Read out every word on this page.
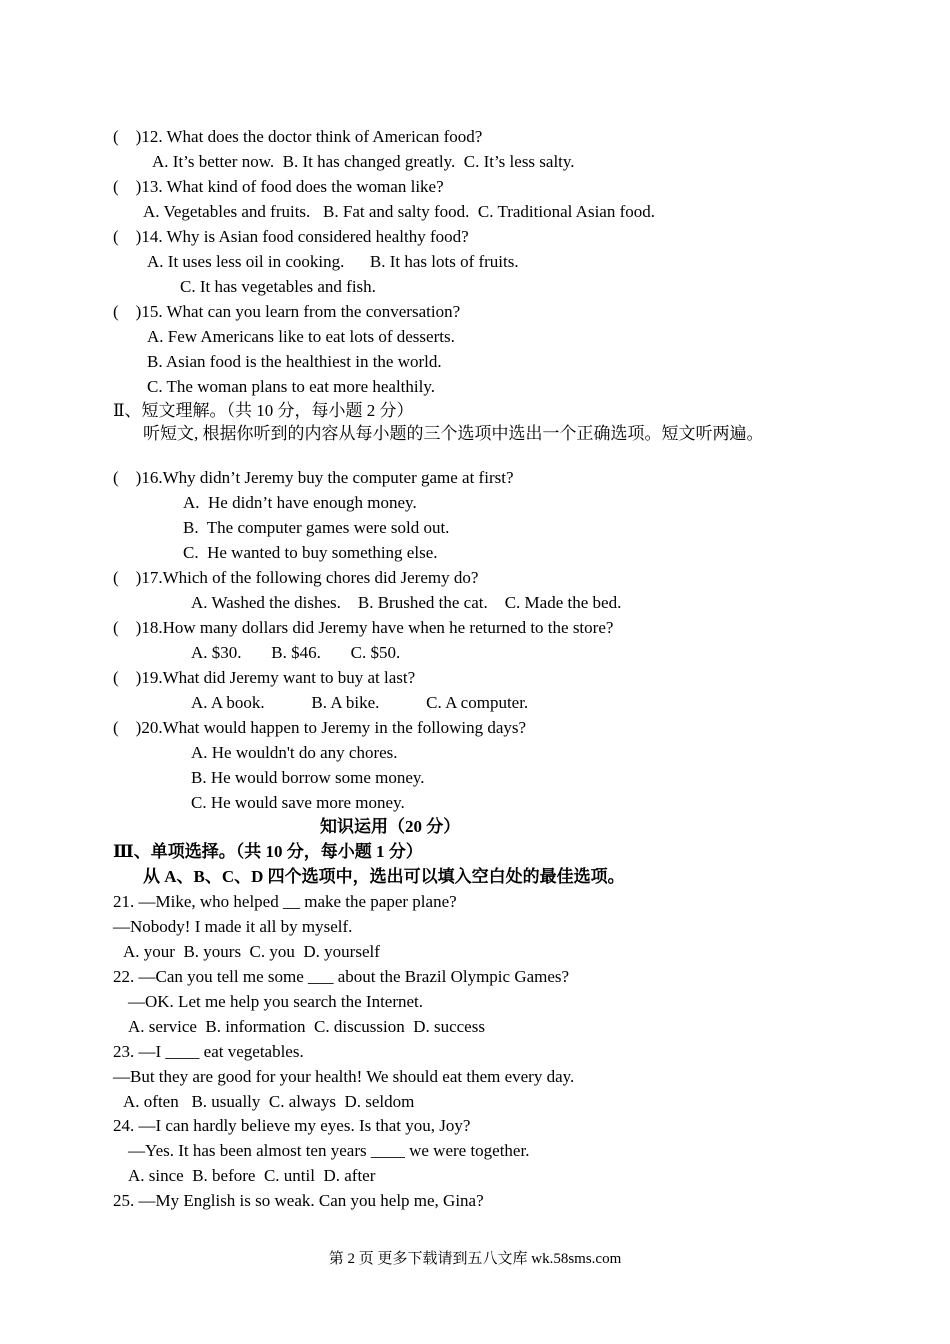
(    )12. What does the doctor think of American food?
A. It’s better now.  B. It has changed greatly.  C. It’s less salty.
(    )13. What kind of food does the woman like?
A. Vegetables and fruits.   B. Fat and salty food.  C. Traditional Asian food.
(    )14. Why is Asian food considered healthy food?
A. It uses less oil in cooking.      B. It has lots of fruits.
C. It has vegetables and fish.
(    )15. What can you learn from the conversation?
A. Few Americans like to eat lots of desserts.
B. Asian food is the healthiest in the world.
C. The woman plans to eat more healthily.
Ⅱ、短文理解。（共 10 分，每小题 2 分）
听短文, 根据你听到的内容从每小题的三个选项中选出一个正确选项。短文听两遍。
(    )16.Why didn’t Jeremy buy the computer game at first?
A.  He didn’t have enough money.
B.  The computer games were sold out.
C.  He wanted to buy something else.
(    )17.Which of the following chores did Jeremy do?
A. Washed the dishes.    B. Brushed the cat.    C. Made the bed.
(    )18.How many dollars did Jeremy have when he returned to the store?
A. $30.       B. $46.       C. $50.
(    )19.What did Jeremy want to buy at last?
A. A book.           B. A bike.           C. A computer.
(    )20.What would happen to Jeremy in the following days?
A. He wouldn't do any chores.
B. He would borrow some money.
C. He would save more money.
知识运用（20 分）
Ⅲ、单项选择。（共 10 分，每小题 1 分）
从 A、B、C、D 四个选项中，选出可以填入空白处的最佳选项。
21. —Mike, who helped __ make the paper plane?
—Nobody! I made it all by myself.
A. your  B. yours  C. you  D. yourself
22. —Can you tell me some ___ about the Brazil Olympic Games?
—OK. Let me help you search the Internet.
A. service  B. information  C. discussion  D. success
23. —I ____ eat vegetables.
—But they are good for your health! We should eat them every day.
A. often   B. usually  C. always  D. seldom
24. —I can hardly believe my eyes. Is that you, Joy?
—Yes. It has been almost ten years ____ we were together.
A. since  B. before  C. until  D. after
25. —My English is so weak. Can you help me, Gina?
第 2 页 更多下载请到五八文库 wk.58sms.com
